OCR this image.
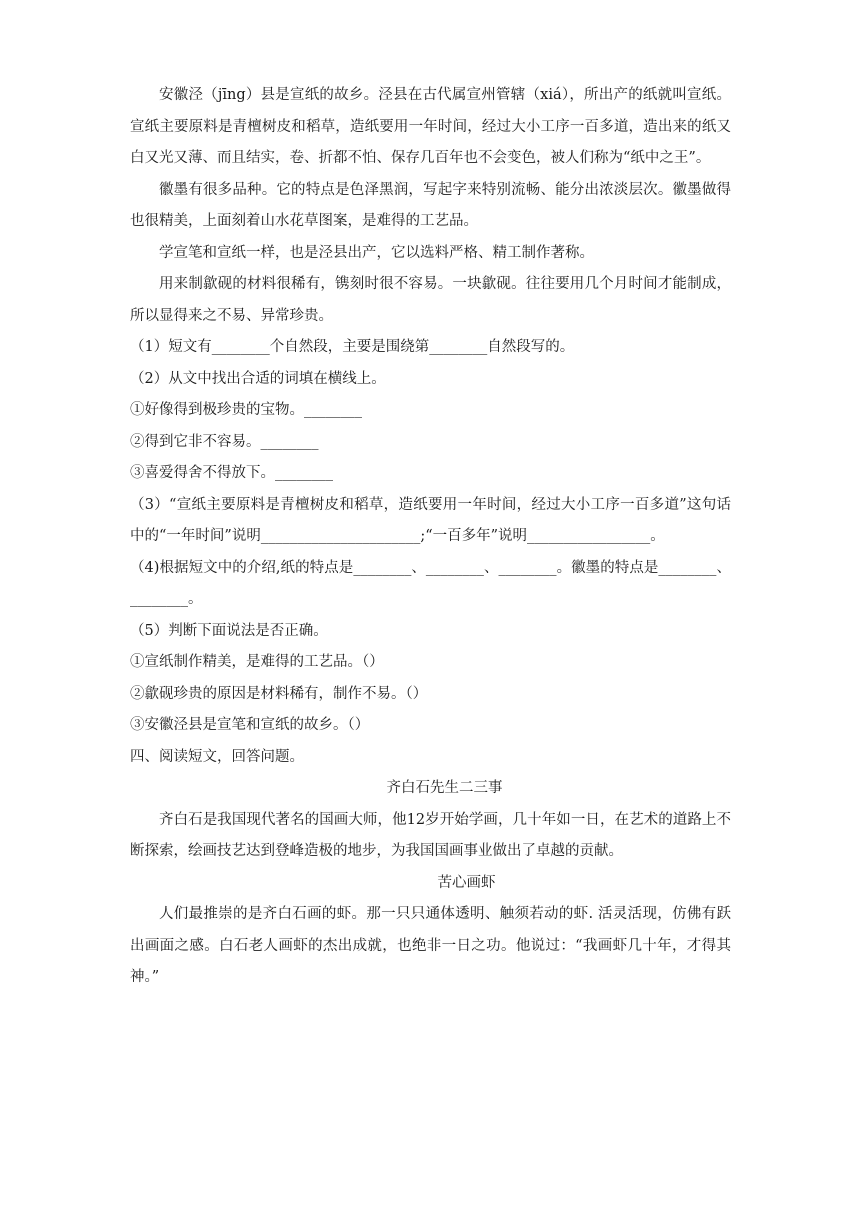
安徽泾（jīng）县是宣纸的故乡。泾县在古代属宣州管辖（xiá），所出产的纸就叫宣纸。宣纸主要原料是青檀树皮和稻草，造纸要用一年时间，经过大小工序一百多道，造出来的纸又白又光又薄、而且结实，卷、折都不怕、保存几百年也不会变色，被人们称为“纸中之王”。

徽墨有很多品种。它的特点是色泽黑润，写起字来特别流畅、能分出浓淡层次。徽墨做得也很精美，上面刻着山水花草图案，是难得的工艺品。

学宣笔和宣纸一样，也是泾县出产，它以选料严格、精工制作著称。

用来制歙砚的材料很稀有，镌刻时很不容易。一块歙砚。往往要用几个月时间才能制成，所以显得来之不易、异常珍贵。

（1）短文有________个自然段，主要是围绕第________自然段写的。

（2）从文中找出合适的词填在横线上。

①好像得到极珍贵的宝物。________

②得到它非不容易。________

③喜爱得舍不得放下。________

（3）“宣纸主要原料是青檀树皮和稻草，造纸要用一年时间，经过大小工序一百多道”这句话中的“一年时间”说明______________________;“一百多年”说明_________________。

（4)根据短文中的介绍,纸的特点是________、________、________。徽墨的特点是________、________。

（5）判断下面说法是否正确。

①宣纸制作精美，是难得的工艺品。（）

②歙砚珍贵的原因是材料稀有，制作不易。（）

③安徽泾县是宣笔和宣纸的故乡。（）

四、阅读短文，回答问题。

齐白石先生二三事

齐白石是我国现代著名的国画大师，他12岁开始学画，几十年如一日，在艺术的道路上不断探索，绘画技艺达到登峰造极的地步，为我国国画事业做出了卓越的贡献。

苦心画虾

人们最推崇的是齐白石画的虾。那一只只通体透明、触须若动的虾. 活灵活现，仿佛有跃出画面之感。白石老人画虾的杰出成就，也绝非一日之功。他说过：“我画虾几十年，才得其神。”
